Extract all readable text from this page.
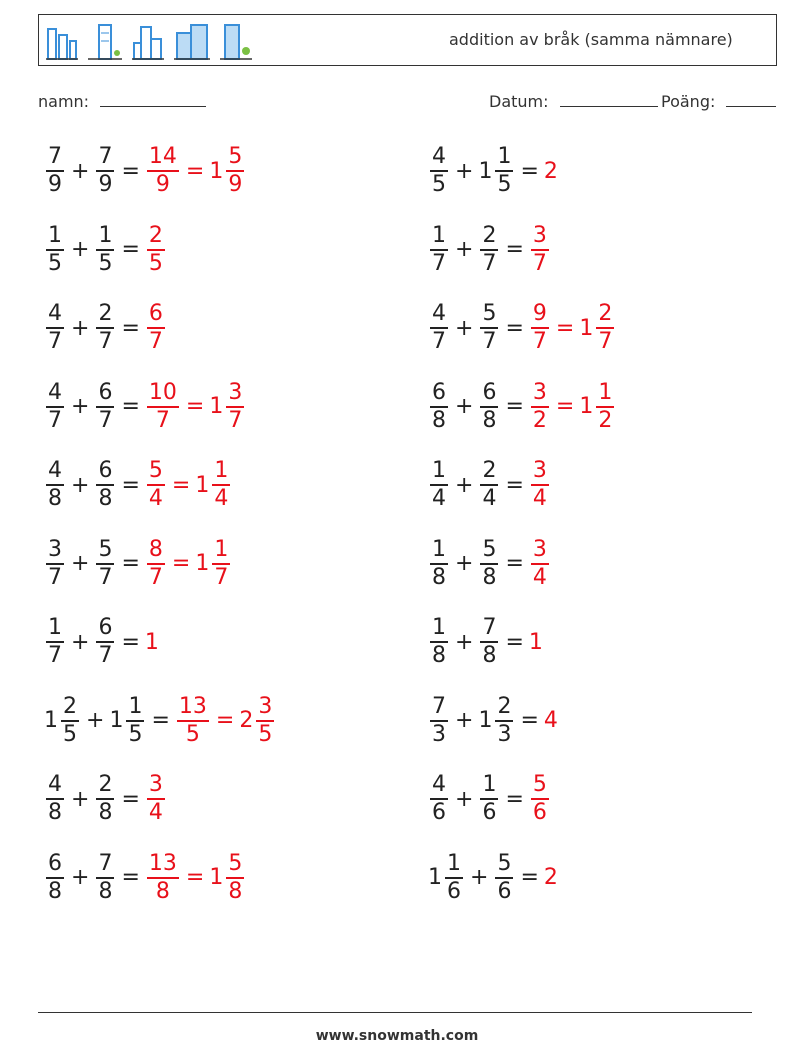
addition av bråk (samma nämnare)
namn:	Datum:	Poäng:
$\frac{7}{9} + \frac{7}{9} = \frac{14}{9} = 1 \frac{5}{9}$	$\frac{4}{5} + 1 \frac{1}{5} = 2$
$\frac{1}{5} + \frac{1}{5} = \frac{2}{5}$	$\frac{1}{7} + \frac{2}{7} = \frac{3}{7}$
$\frac{4}{7} + \frac{2}{7} = \frac{6}{7}$	$\frac{4}{7} + \frac{5}{7} = \frac{9}{7} = 1 \frac{2}{7}$
$\frac{4}{7} + \frac{6}{7} = \frac{10}{7} = 1 \frac{3}{7}$	$\frac{6}{8} + \frac{6}{8} = \frac{3}{2} = 1 \frac{1}{2}$
$\frac{4}{8} + \frac{6}{8} = \frac{5}{4} = 1 \frac{1}{4}$	$\frac{1}{4} + \frac{2}{4} = \frac{3}{4}$
$\frac{3}{7} + \frac{5}{7} = \frac{8}{7} = 1 \frac{1}{7}$	$\frac{1}{8} + \frac{5}{8} = \frac{3}{4}$
$\frac{1}{7} + \frac{6}{7} = 1$	$\frac{1}{8} + \frac{7}{8} = 1$
$1 \frac{2}{5} + 1 \frac{1}{5} = \frac{13}{5} = 2 \frac{3}{5}$	$\frac{7}{3} + 1 \frac{2}{3} = 4$
$\frac{4}{8} + \frac{2}{8} = \frac{3}{4}$	$\frac{4}{6} + \frac{1}{6} = \frac{5}{6}$
$\frac{6}{8} + \frac{7}{8} = \frac{13}{8} = 1 \frac{5}{8}$	$1 \frac{1}{6} + \frac{5}{6} = 2$
www.snowmath.com
